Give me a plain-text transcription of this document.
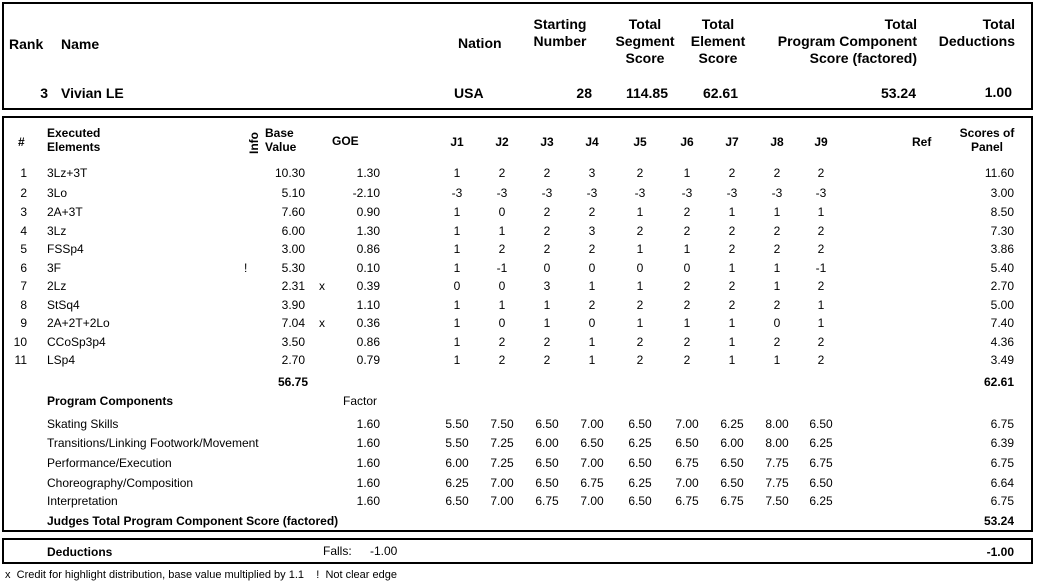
Rank Name	Nation
Starting
Number
Total
Segment
Score
Total
Element
Score
Total
Program Component
Score (factored)
Total
Deductions
3 Vivian LE	USA	28	114.85	62.61	53.24	1.00
#
Executed
Elements	Info Base
Value	GOE	J1	J2	J3	J4	J5	J6	J7	J8	J9	Ref
Scores of
Panel
1 3Lz+3T	10.30	1.30	1	2	2	3	2	1	2	2	2	11.60
2 3Lo	5.10	-2.10	-3	-3	-3	-3	-3	-3	-3	-3	-3	3.00
3 2A+3T	7.60	0.90	1	0	2	2	1	2	1	1	1	8.50
4 3Lz	6.00	1.30	1	1	2	3	2	2	2	2	2	7.30
5 FSSp4	3.00	0.86	1	2	2	2	1	1	2	2	2	3.86
6 3F	!	5.30	0.10	1	-1	0	0	0	0	1	1	-1	5.40
7 2Lz	2.31 x	0.39	0	0	3	1	1	2	2	1	2	2.70
8 StSq4	3.90	1.10	1	1	1	2	2	2	2	2	1	5.00
9 2A+2T+2Lo	7.04 x	0.36	1	0	1	0	1	1	1	0	1	7.40
10 CCoSp3p4	3.50	0.86	1	2	2	1	2	2	1	2	2	4.36
11 LSp4	2.70	0.79	1	2	2	1	2	2	1	1	2	3.49
56.75	62.61
Program Components	Factor
Skating Skills	1.60	5.50	7.50	6.50	7.00	6.50	7.00	6.25	8.00	6.50	6.75
Transitions/Linking Footwork/Movement	1.60	5.50	7.25	6.00	6.50	6.25	6.50	6.00	8.00	6.25	6.39
Performance/Execution	1.60	6.00	7.25	6.50	7.00	6.50	6.75	6.50	7.75	6.75	6.75
Choreography/Composition	1.60	6.25	7.00	6.50	6.75	6.25	7.00	6.50	7.75	6.50	6.64
Interpretation	1.60	6.50	7.00	6.75	7.00	6.50	6.75	6.75	7.50	6.25	6.75
Judges Total Program Component Score (factored)	53.24
Deductions	Falls: -1.00	-1.00
x Credit for highlight distribution, base value multiplied by 1.1 ! Not clear edge
